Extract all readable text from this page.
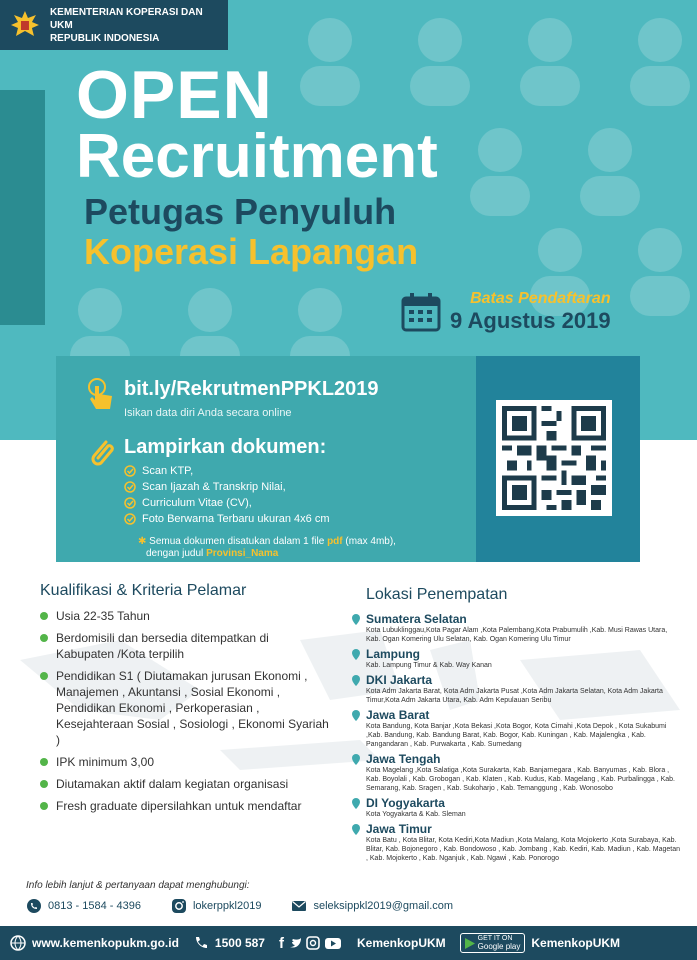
KEMENTERIAN KOPERASI DAN UKM
REPUBLIK INDONESIA
OPEN
Recruitment
Petugas Penyuluh
Koperasi Lapangan
Batas Pendaftaran
9 Agustus 2019
bit.ly/RekrutmenPPKL2019
Isikan data diri Anda secara online
Lampirkan dokumen:
Scan KTP,
Scan Ijazah & Transkrip Nilai,
Curriculum Vitae (CV),
Foto Berwarna Terbaru ukuran 4x6 cm
✱ Semua dokumen disatukan dalam 1 file pdf (max 4mb),
dengan judul Provinsi_Nama
Kualifikasi & Kriteria Pelamar
Usia 22-35 Tahun
Berdomisili dan bersedia ditempatkan di Kabupaten /Kota terpilih
Pendidikan S1 ( Diutamakan jurusan Ekonomi , Manajemen , Akuntansi , Sosial Ekonomi , Pendidikan Ekonomi , Perkoperasian , Kesejahteraan Sosial , Sosiologi , Ekonomi Syariah )
IPK minimum 3,00
Diutamakan aktif dalam kegiatan organisasi
Fresh graduate dipersilahkan untuk mendaftar
Lokasi Penempatan
Sumatera Selatan
Kota Lubuklinggau,Kota Pagar Alam ,Kota Palembang,Kota Prabumulih ,Kab. Musi Rawas Utara, Kab. Ogan Komering Ulu Selatan, Kab. Ogan Komering Ulu Timur
Lampung
Kab. Lampung Timur & Kab. Way Kanan
DKI Jakarta
Kota Adm Jakarta Barat, Kota Adm Jakarta Pusat ,Kota Adm Jakarta Selatan, Kota Adm Jakarta Timur,Kota Adm Jakarta Utara, Kab. Adm Kepulauan Seribu
Jawa Barat
Kota Bandung, Kota Banjar ,Kota Bekasi ,Kota Bogor, Kota Cimahi ,Kota Depok , Kota Sukabumi ,Kab. Bandung, Kab. Bandung Barat, Kab. Bogor, Kab. Kuningan , Kab. Majalengka , Kab. Pangandaran , Kab. Purwakarta , Kab. Sumedang
Jawa Tengah
Kota Magelang ,Kota Salatiga ,Kota Surakarta, Kab. Banjarnegara , Kab. Banyumas , Kab. Blora , Kab. Boyolali , Kab. Grobogan , Kab. Klaten , Kab. Kudus, Kab. Magelang , Kab. Purbalingga , Kab. Semarang, Kab. Sragen , Kab. Sukoharjo , Kab. Temanggung , Kab. Wonosobo
DI Yogyakarta
Kota Yogyakarta & Kab. Sleman
Jawa Timur
Kota Batu , Kota Blitar, Kota Kediri,Kota Madiun ,Kota Malang, Kota Mojokerto ,Kota Surabaya, Kab. Blitar, Kab. Bojonegoro , Kab. Bondowoso , Kab. Jombang , Kab. Kediri, Kab. Madiun , Kab. Magetan , Kab. Mojokerto , Kab. Nganjuk , Kab. Ngawi , Kab. Ponorogo
Info lebih lanjut & pertanyaan dapat menghubungi:
0813 - 1584 - 4396	lokerppkl2019	seleksippkl2019@gmail.com
www.kemenkopukm.go.id	1500 587 f	KemenkopUKM	GET IT ON
Google play KemenkopUKM
